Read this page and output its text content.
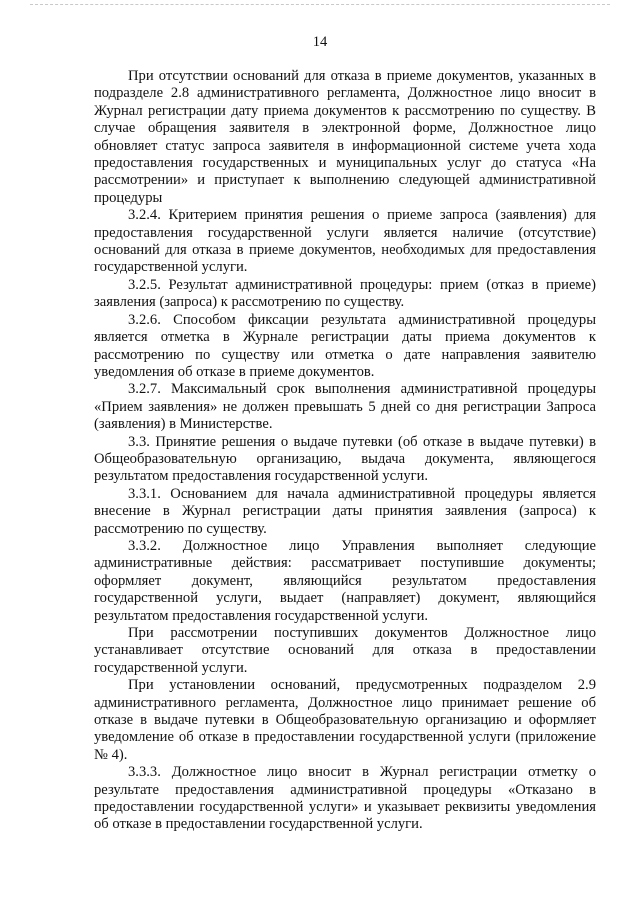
14

При отсутствии оснований для отказа в приеме документов, указанных в подразделе 2.8 административного регламента, Должностное лицо вносит в Журнал регистрации дату приема документов к рассмотрению по существу. В случае обращения заявителя в электронной форме, Должностное лицо обновляет статус запроса заявителя в информационной системе учета хода предоставления государственных и муниципальных услуг до статуса «На рассмотрении» и приступает к выполнению следующей административной процедуры

3.2.4. Критерием принятия решения о приеме запроса (заявления) для предоставления государственной услуги является наличие (отсутствие) оснований для отказа в приеме документов, необходимых для предоставления государственной услуги.

3.2.5. Результат административной процедуры: прием (отказ в приеме) заявления (запроса) к рассмотрению по существу.

3.2.6. Способом фиксации результата административной процедуры является отметка в Журнале регистрации даты приема документов к рассмотрению по существу или отметка о дате направления заявителю уведомления об отказе в приеме документов.

3.2.7. Максимальный срок выполнения административной процедуры «Прием заявления» не должен превышать 5 дней со дня регистрации Запроса (заявления) в Министерстве.

3.3. Принятие решения о выдаче путевки (об отказе в выдаче путевки) в Общеобразовательную организацию, выдача документа, являющегося результатом предоставления государственной услуги.

3.3.1. Основанием для начала административной процедуры является внесение в Журнал регистрации даты принятия заявления (запроса) к рассмотрению по существу.

3.3.2. Должностное лицо Управления выполняет следующие административные действия: рассматривает поступившие документы; оформляет документ, являющийся результатом предоставления государственной услуги, выдает (направляет) документ, являющийся результатом предоставления государственной услуги.

При рассмотрении поступивших документов Должностное лицо устанавливает отсутствие оснований для отказа в предоставлении государственной услуги.

При установлении оснований, предусмотренных подразделом 2.9 административного регламента, Должностное лицо принимает решение об отказе в выдаче путевки в Общеобразовательную организацию и оформляет уведомление об отказе в предоставлении государственной услуги (приложение № 4).

3.3.3. Должностное лицо вносит в Журнал регистрации отметку о результате предоставления административной процедуры «Отказано в предоставлении государственной услуги» и указывает реквизиты уведомления об отказе в предоставлении государственной услуги.
